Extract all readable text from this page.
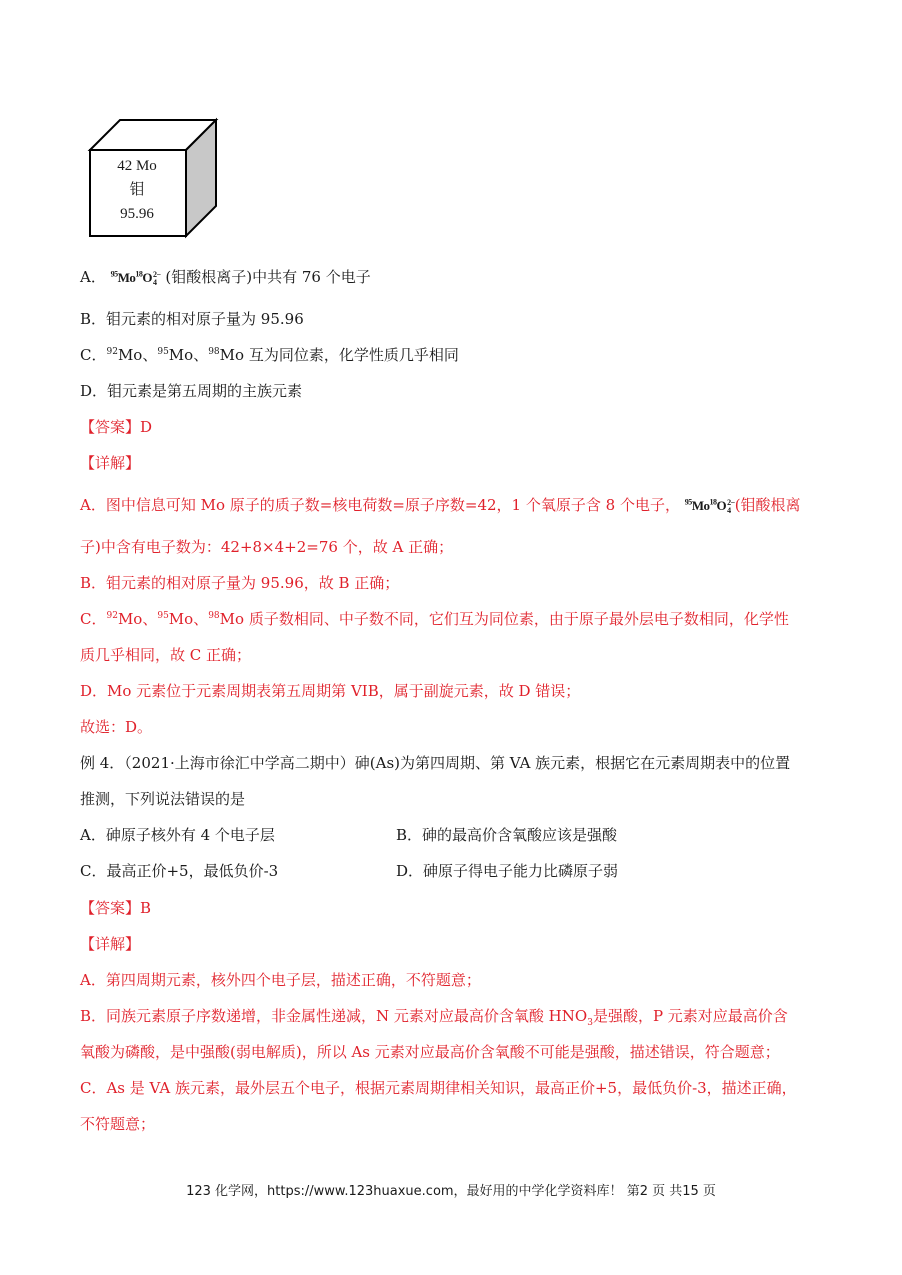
42 Mo
钼
95.96
A． $^{95}Mo^{18}O2-$
4 (钼酸根离子)中共有 76 个电子
B．钼元素的相对原子量为 95.96
C．$^{92}$Mo、$^{95}$Mo、$^{98}$Mo 互为同位素，化学性质几乎相同
D．钼元素是第五周期的主族元素
【答案】D
【详解】
A．图中信息可知 Mo 原子的质子数=核电荷数=原子序数=42，1 个氧原子含 8 个电子， $^{95}Mo^{18}O2-$
4 (钼酸根离
子)中含有电子数为：42+8×4+2=76 个，故 A 正确；
B．钼元素的相对原子量为 95.96，故 B 正确；
C．$^{92}$Mo、$^{95}$Mo、$^{98}$Mo 质子数相同、中子数不同，它们互为同位素，由于原子最外层电子数相同，化学性
质几乎相同，故 C 正确；
D．Mo 元素位于元素周期表第五周期第 VIB，属于副旋元素，故 D 错误；
故选：D。
例 4．（2021·上海市徐汇中学高二期中）砷(As)为第四周期、第 VA 族元素，根据它在元素周期表中的位置
推测，下列说法错误的是
A．砷原子核外有 4 个电子层	B．砷的最高价含氧酸应该是强酸
C．最高正价+5，最低负价-3	D．砷原子得电子能力比磷原子弱
【答案】B
【详解】
A．第四周期元素，核外四个电子层，描述正确，不符题意；
B．同族元素原子序数递增，非金属性递减，N 元素对应最高价含氧酸 $HNO_3$是强酸，P 元素对应最高价含
氧酸为磷酸，是中强酸(弱电解质)，所以 As 元素对应最高价含氧酸不可能是强酸，描述错误，符合题意；
C．As 是 VA 族元素，最外层五个电子，根据元素周期律相关知识，最高正价+5，最低负价-3，描述正确，
不符题意；
123 化学网，https://www.123huaxue.com，最好用的中学化学资料库！ 第2 页 共15 页
